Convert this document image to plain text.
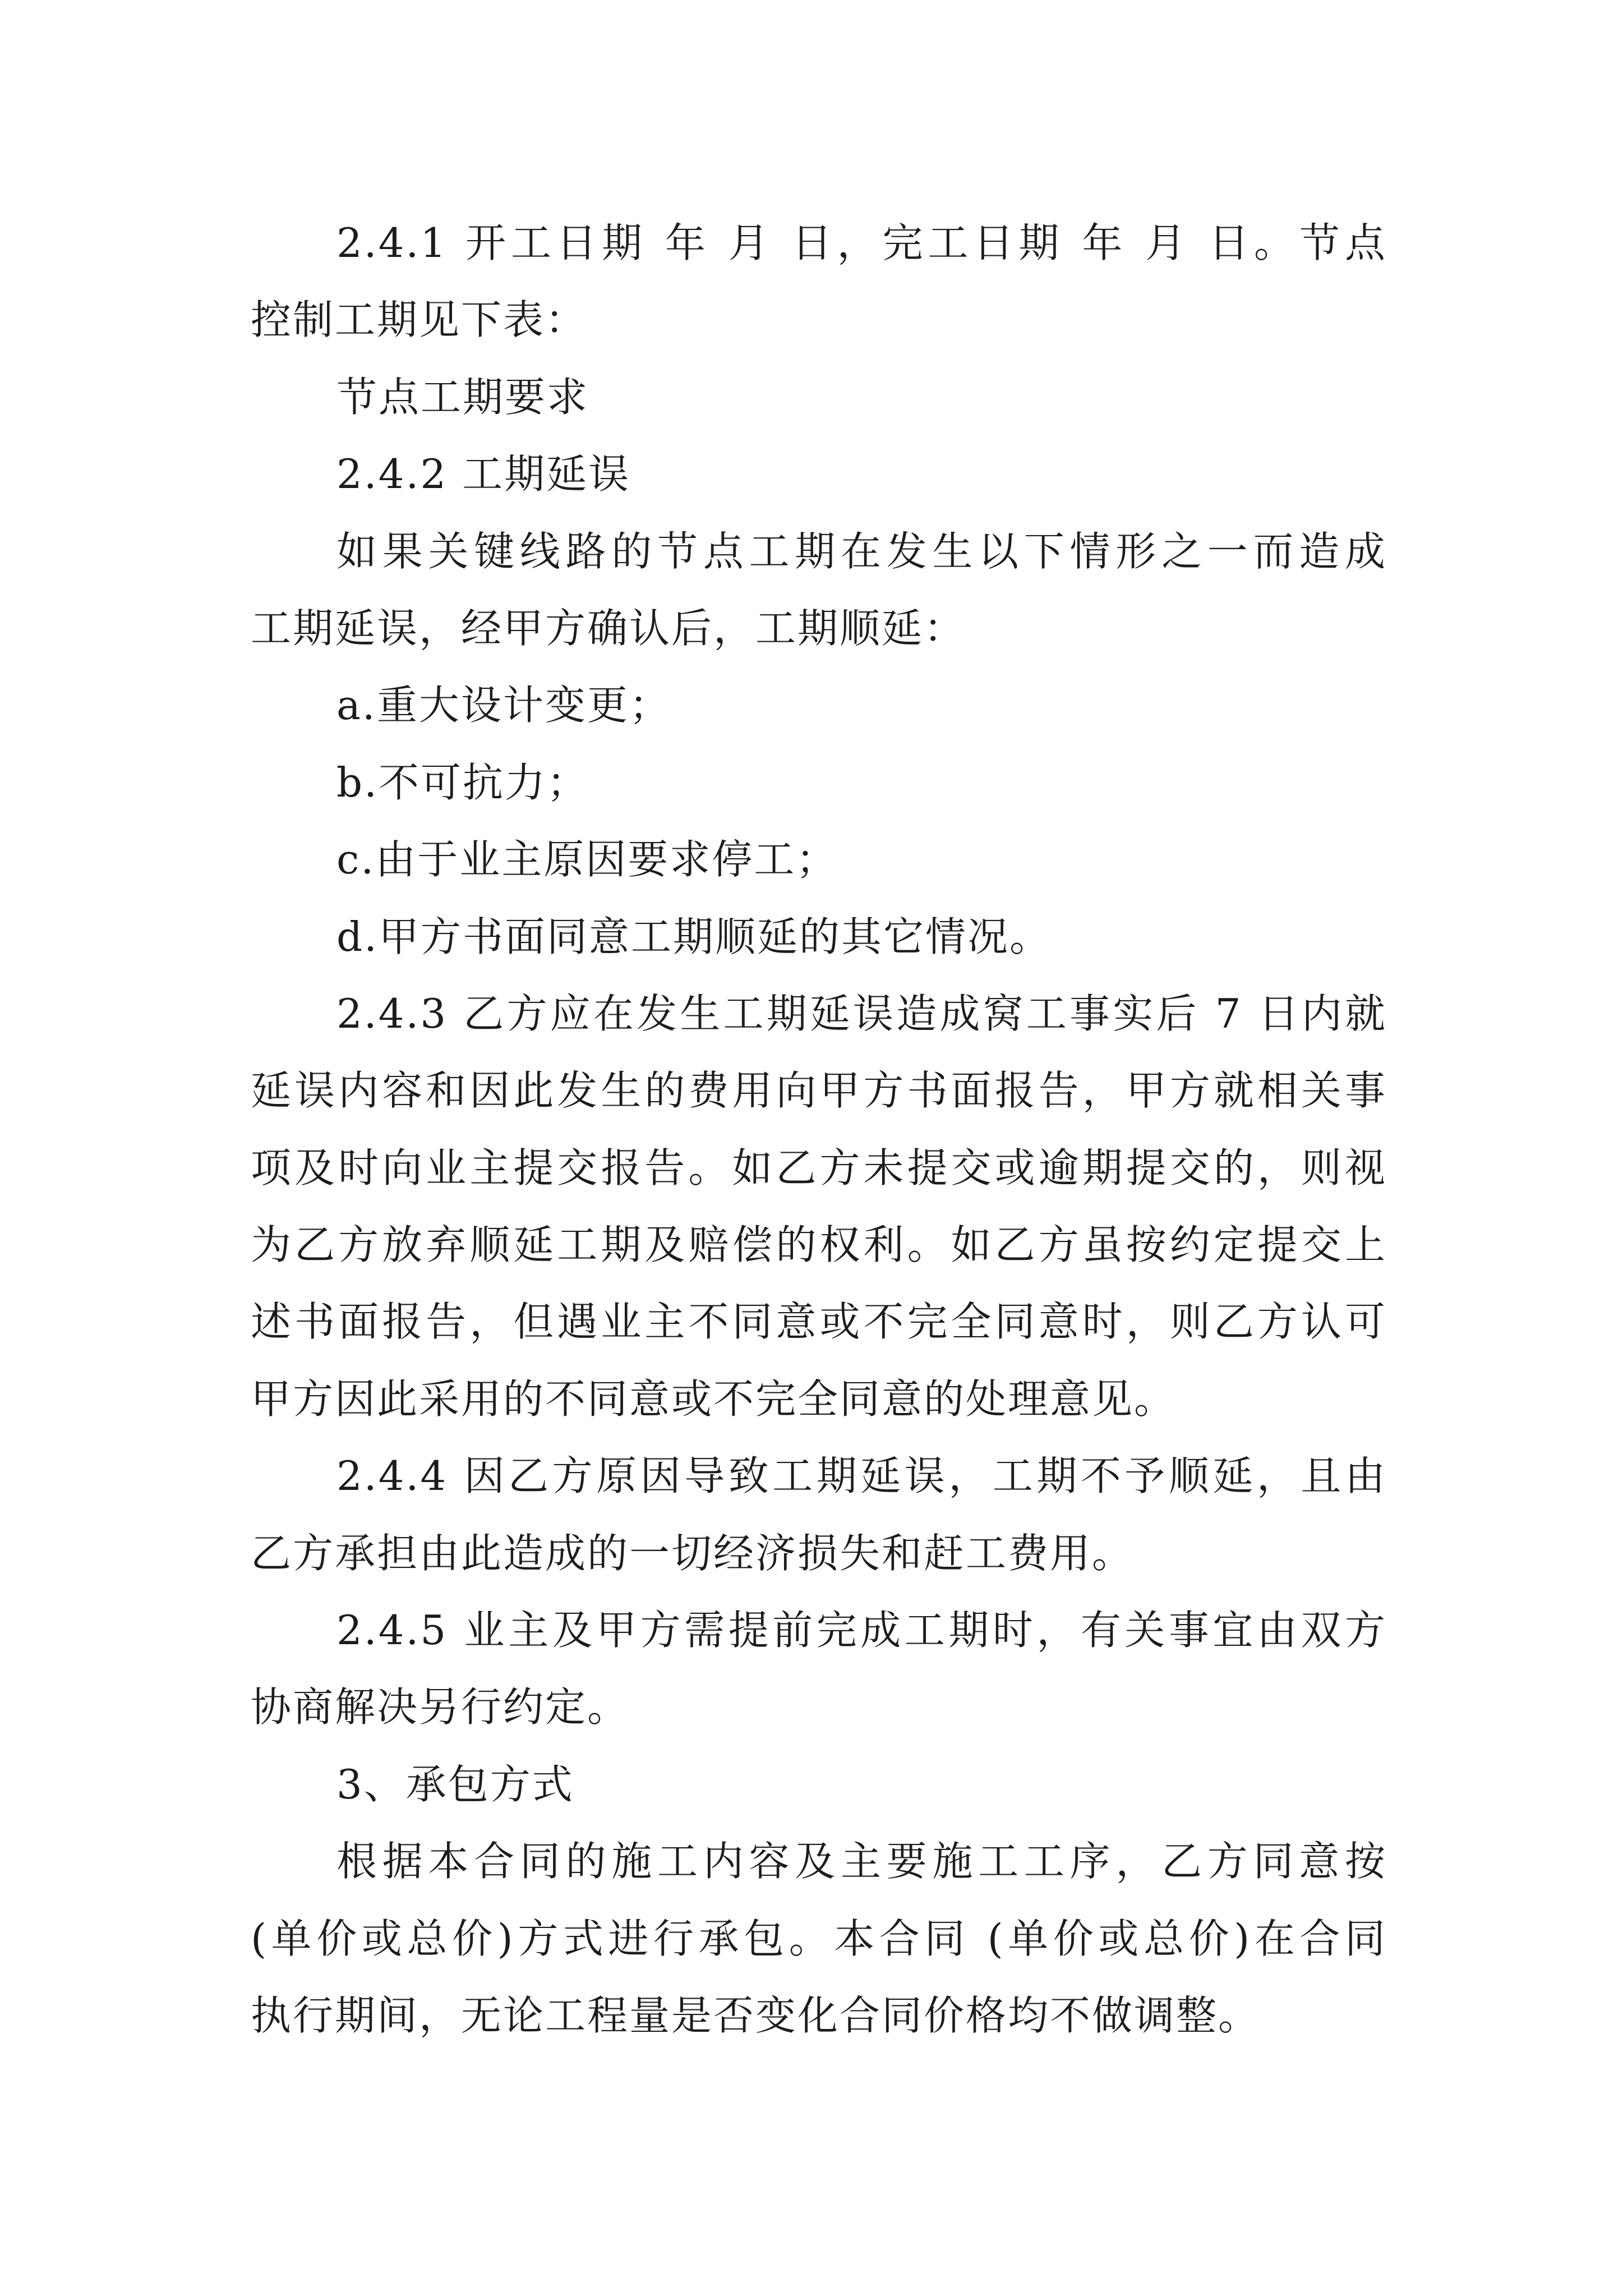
2.4.1 开工日期 年 月 日，完工日期 年 月 日。节点
控制工期见下表：
节点工期要求
2.4.2 工期延误
如果关键线路的节点工期在发生以下情形之一而造成
工期延误，经甲方确认后，工期顺延：
a.重大设计变更；
b.不可抗力；
c.由于业主原因要求停工；
d.甲方书面同意工期顺延的其它情况。
2.4.3 乙方应在发生工期延误造成窝工事实后 7 日内就
延误内容和因此发生的费用向甲方书面报告，甲方就相关事
项及时向业主提交报告。如乙方未提交或逾期提交的，则视
为乙方放弃顺延工期及赔偿的权利。如乙方虽按约定提交上
述书面报告，但遇业主不同意或不完全同意时，则乙方认可
甲方因此采用的不同意或不完全同意的处理意见。
2.4.4 因乙方原因导致工期延误，工期不予顺延，且由
乙方承担由此造成的一切经济损失和赶工费用。
2.4.5 业主及甲方需提前完成工期时，有关事宜由双方
协商解决另行约定。
3、承包方式
根据本合同的施工内容及主要施工工序，乙方同意按
(单价或总价)方式进行承包。本合同 (单价或总价)在合同
执行期间，无论工程量是否变化合同价格均不做调整。
